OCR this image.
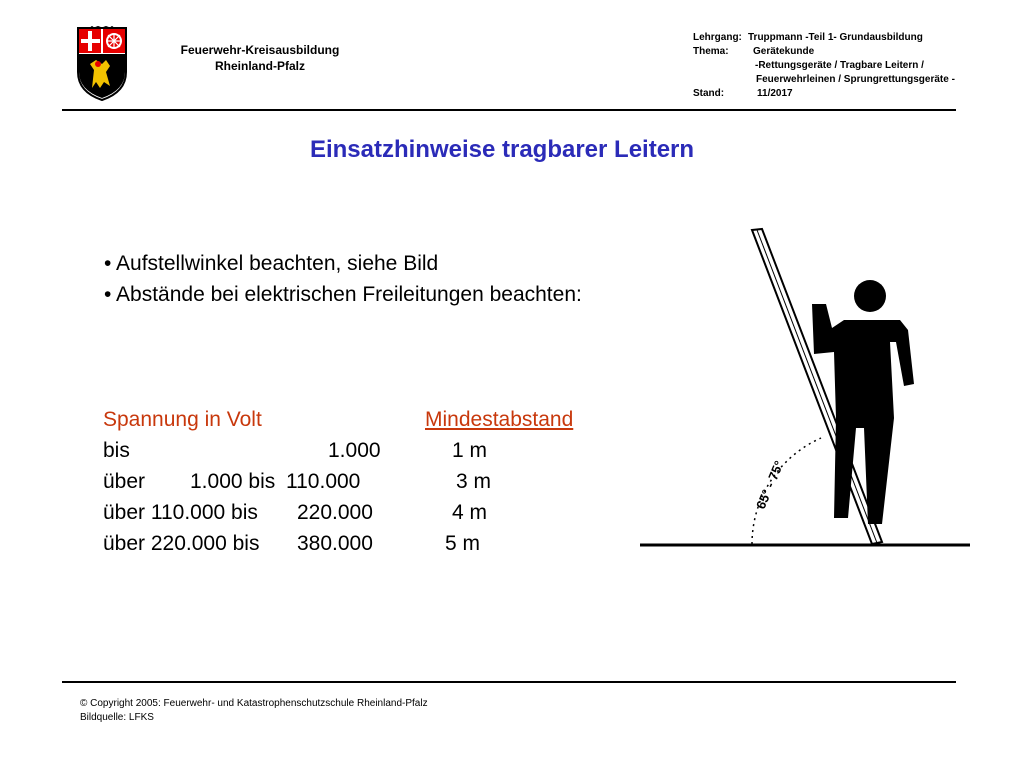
Feuerwehr-Kreisausbildung
Rheinland-Pfalz
Lehrgang: Truppmann -Teil 1- Grundausbildung
Thema: Gerätekunde
-Rettungsgeräte / Tragbare Leitern /
Feuerwehrleinen / Sprungrettungsgeräte -
Stand:	11/2017
Einsatzhinweise tragbarer Leitern
• Aufstellwinkel beachten, siehe Bild
• Abstände bei elektrischen Freileitungen beachten:
Spannung in Volt	Mindestabstand
bis	1.000	1 m
über 1.000 bis 110.000	3 m
über 110.000 bis 220.000	4 m
über 220.000 bis 380.000	5 m
65° - 75°
© Copyright 2005: Feuerwehr- und Katastrophenschutzschule Rheinland-Pfalz
Bildquelle: LFKS
